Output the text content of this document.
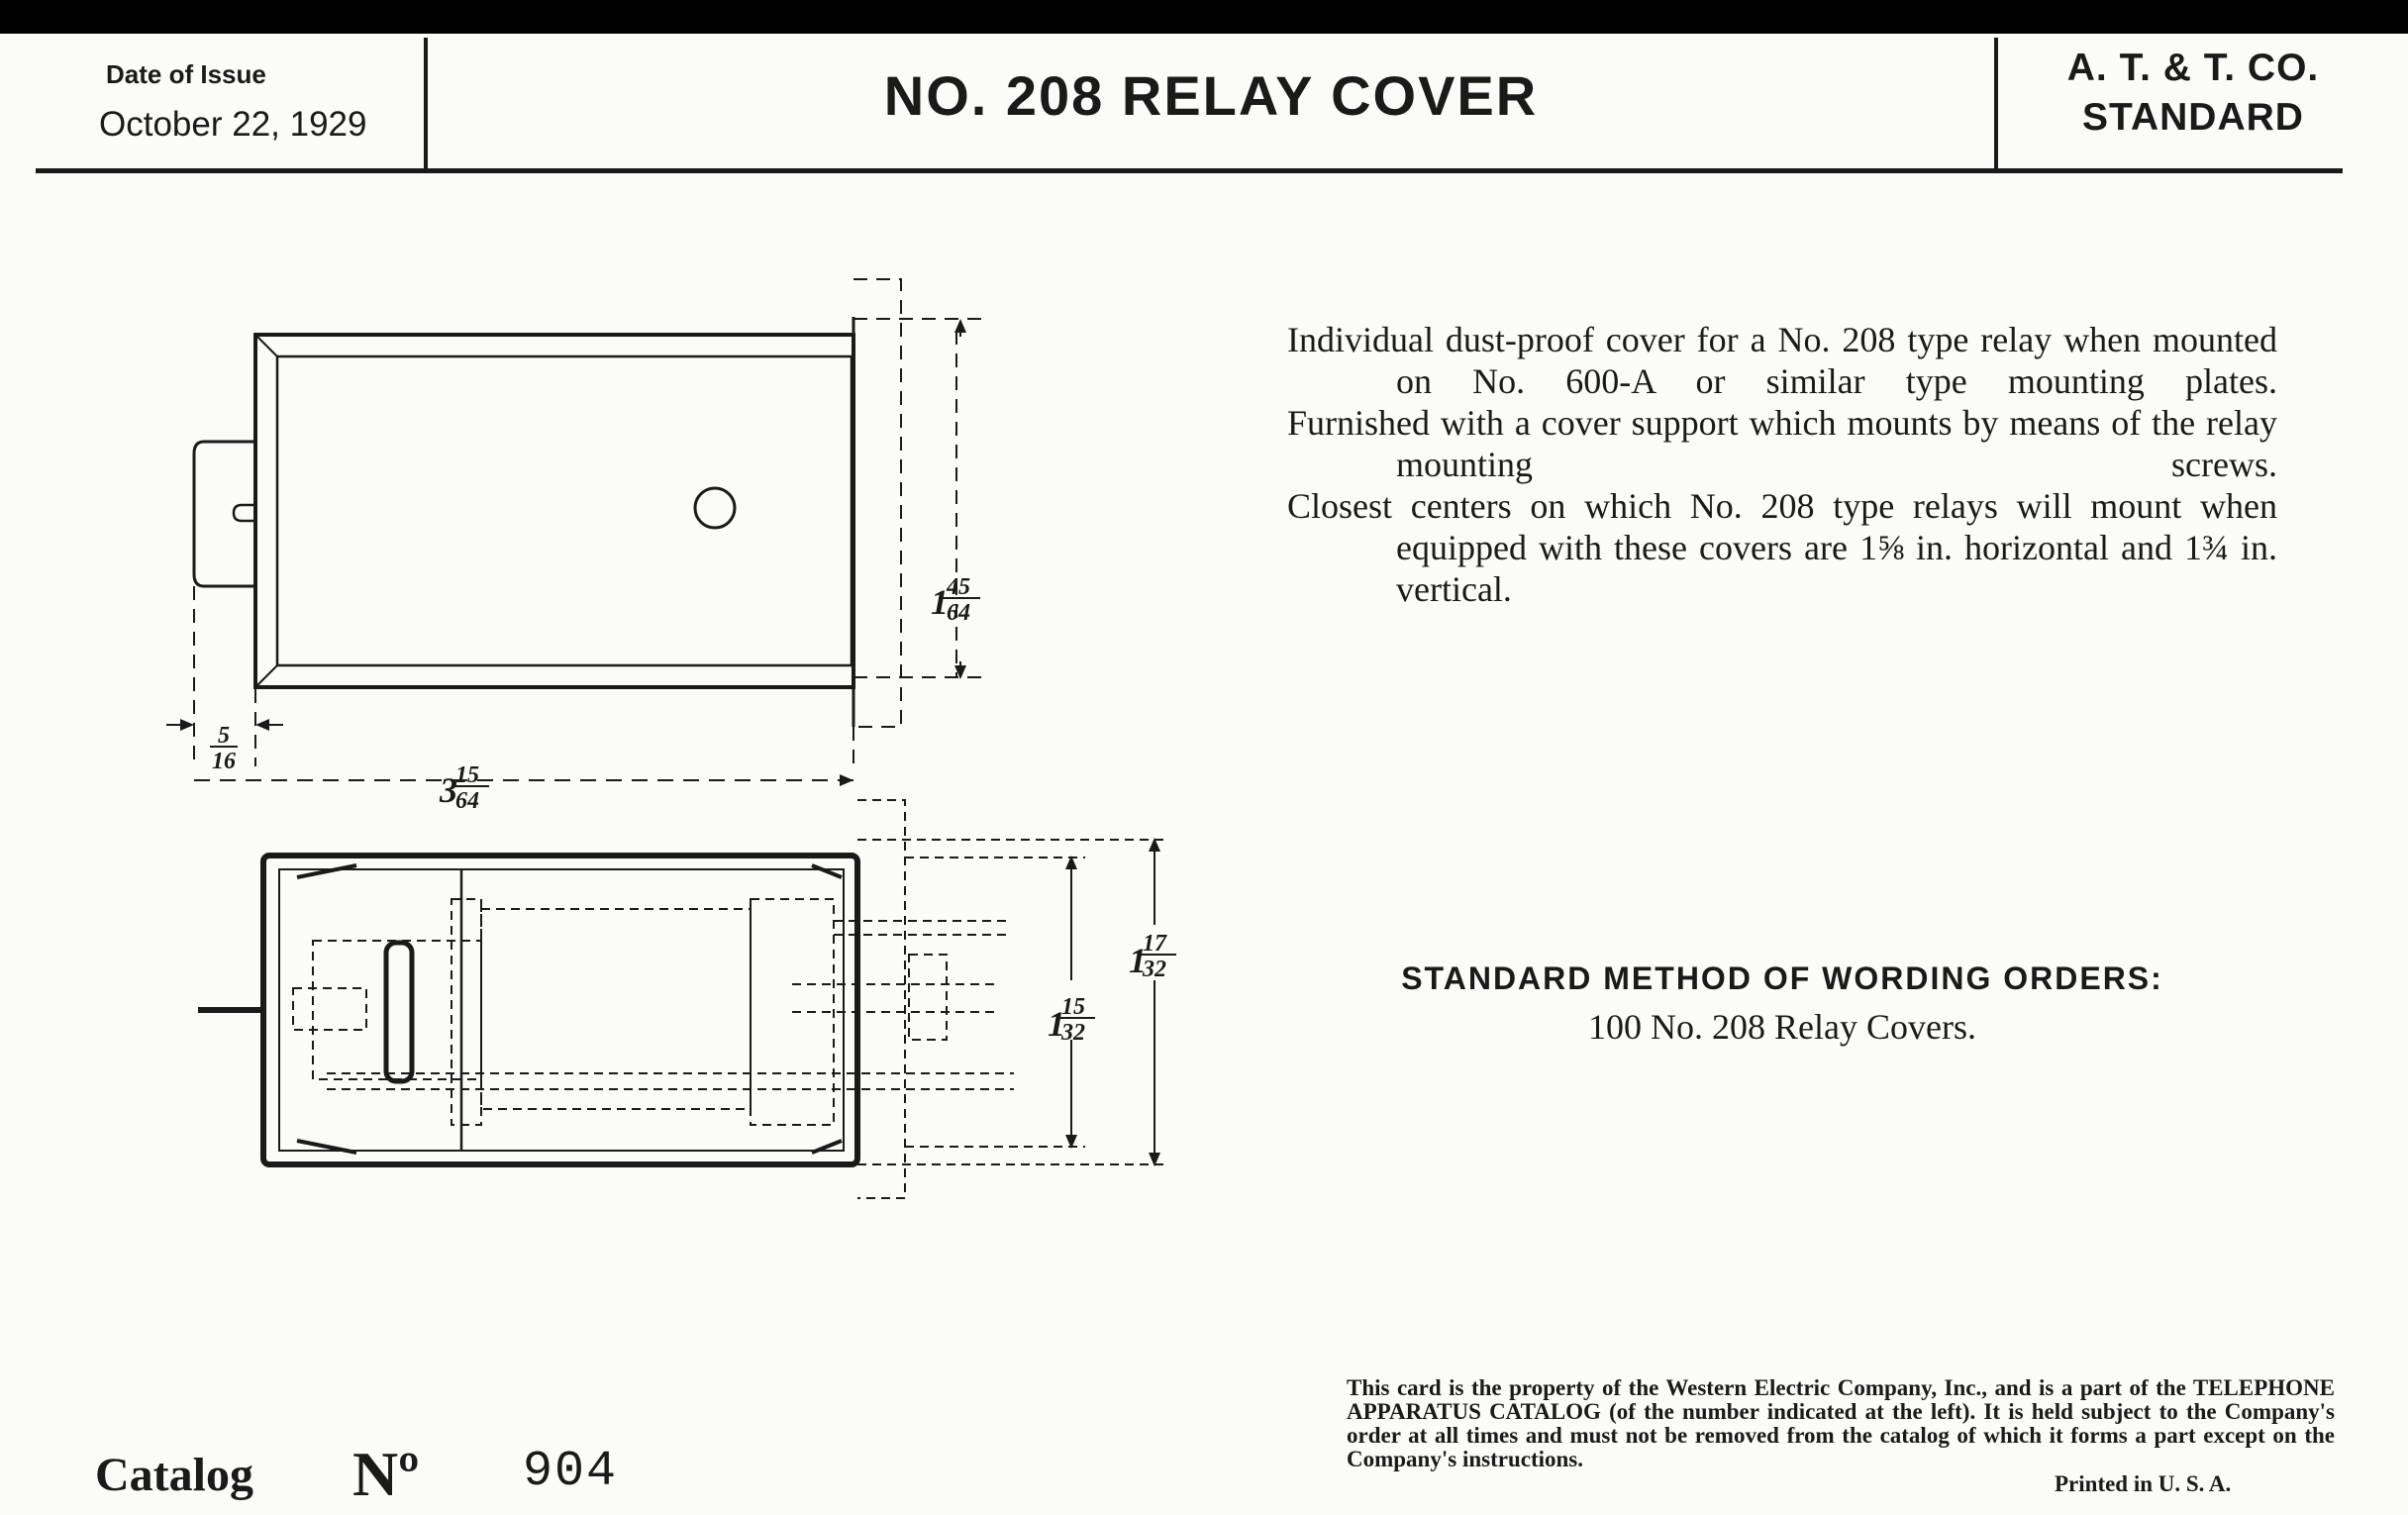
Date of Issue
October 22, 1929	NO. 208 RELAY COVER	A. T. & T. CO.
STANDARD
1
45
64
5
16
3
15
64
1
17
32
1
15
32

Individual dust-proof cover for a No. 208 type relay when mounted on No. 600-A or similar type mounting plates.

Furnished with a cover support which mounts by means of the relay mounting screws.

Closest centers on which No. 208 type relays will mount when equipped with these covers are 1⅝ in. horizontal and 1¾ in. vertical.

STANDARD METHOD OF WORDING ORDERS:
100 No. 208 Relay Covers.
This card is the property of the Western Electric Company, Inc., and is a part of the TELEPHONE APPARATUS CATALOG (of the number indicated at the left). It is held subject to the Company's order at all times and must not be removed from the catalog of which it forms a part except on the Company's instructions.
Printed in U. S. A.
Catalog Nº 904
